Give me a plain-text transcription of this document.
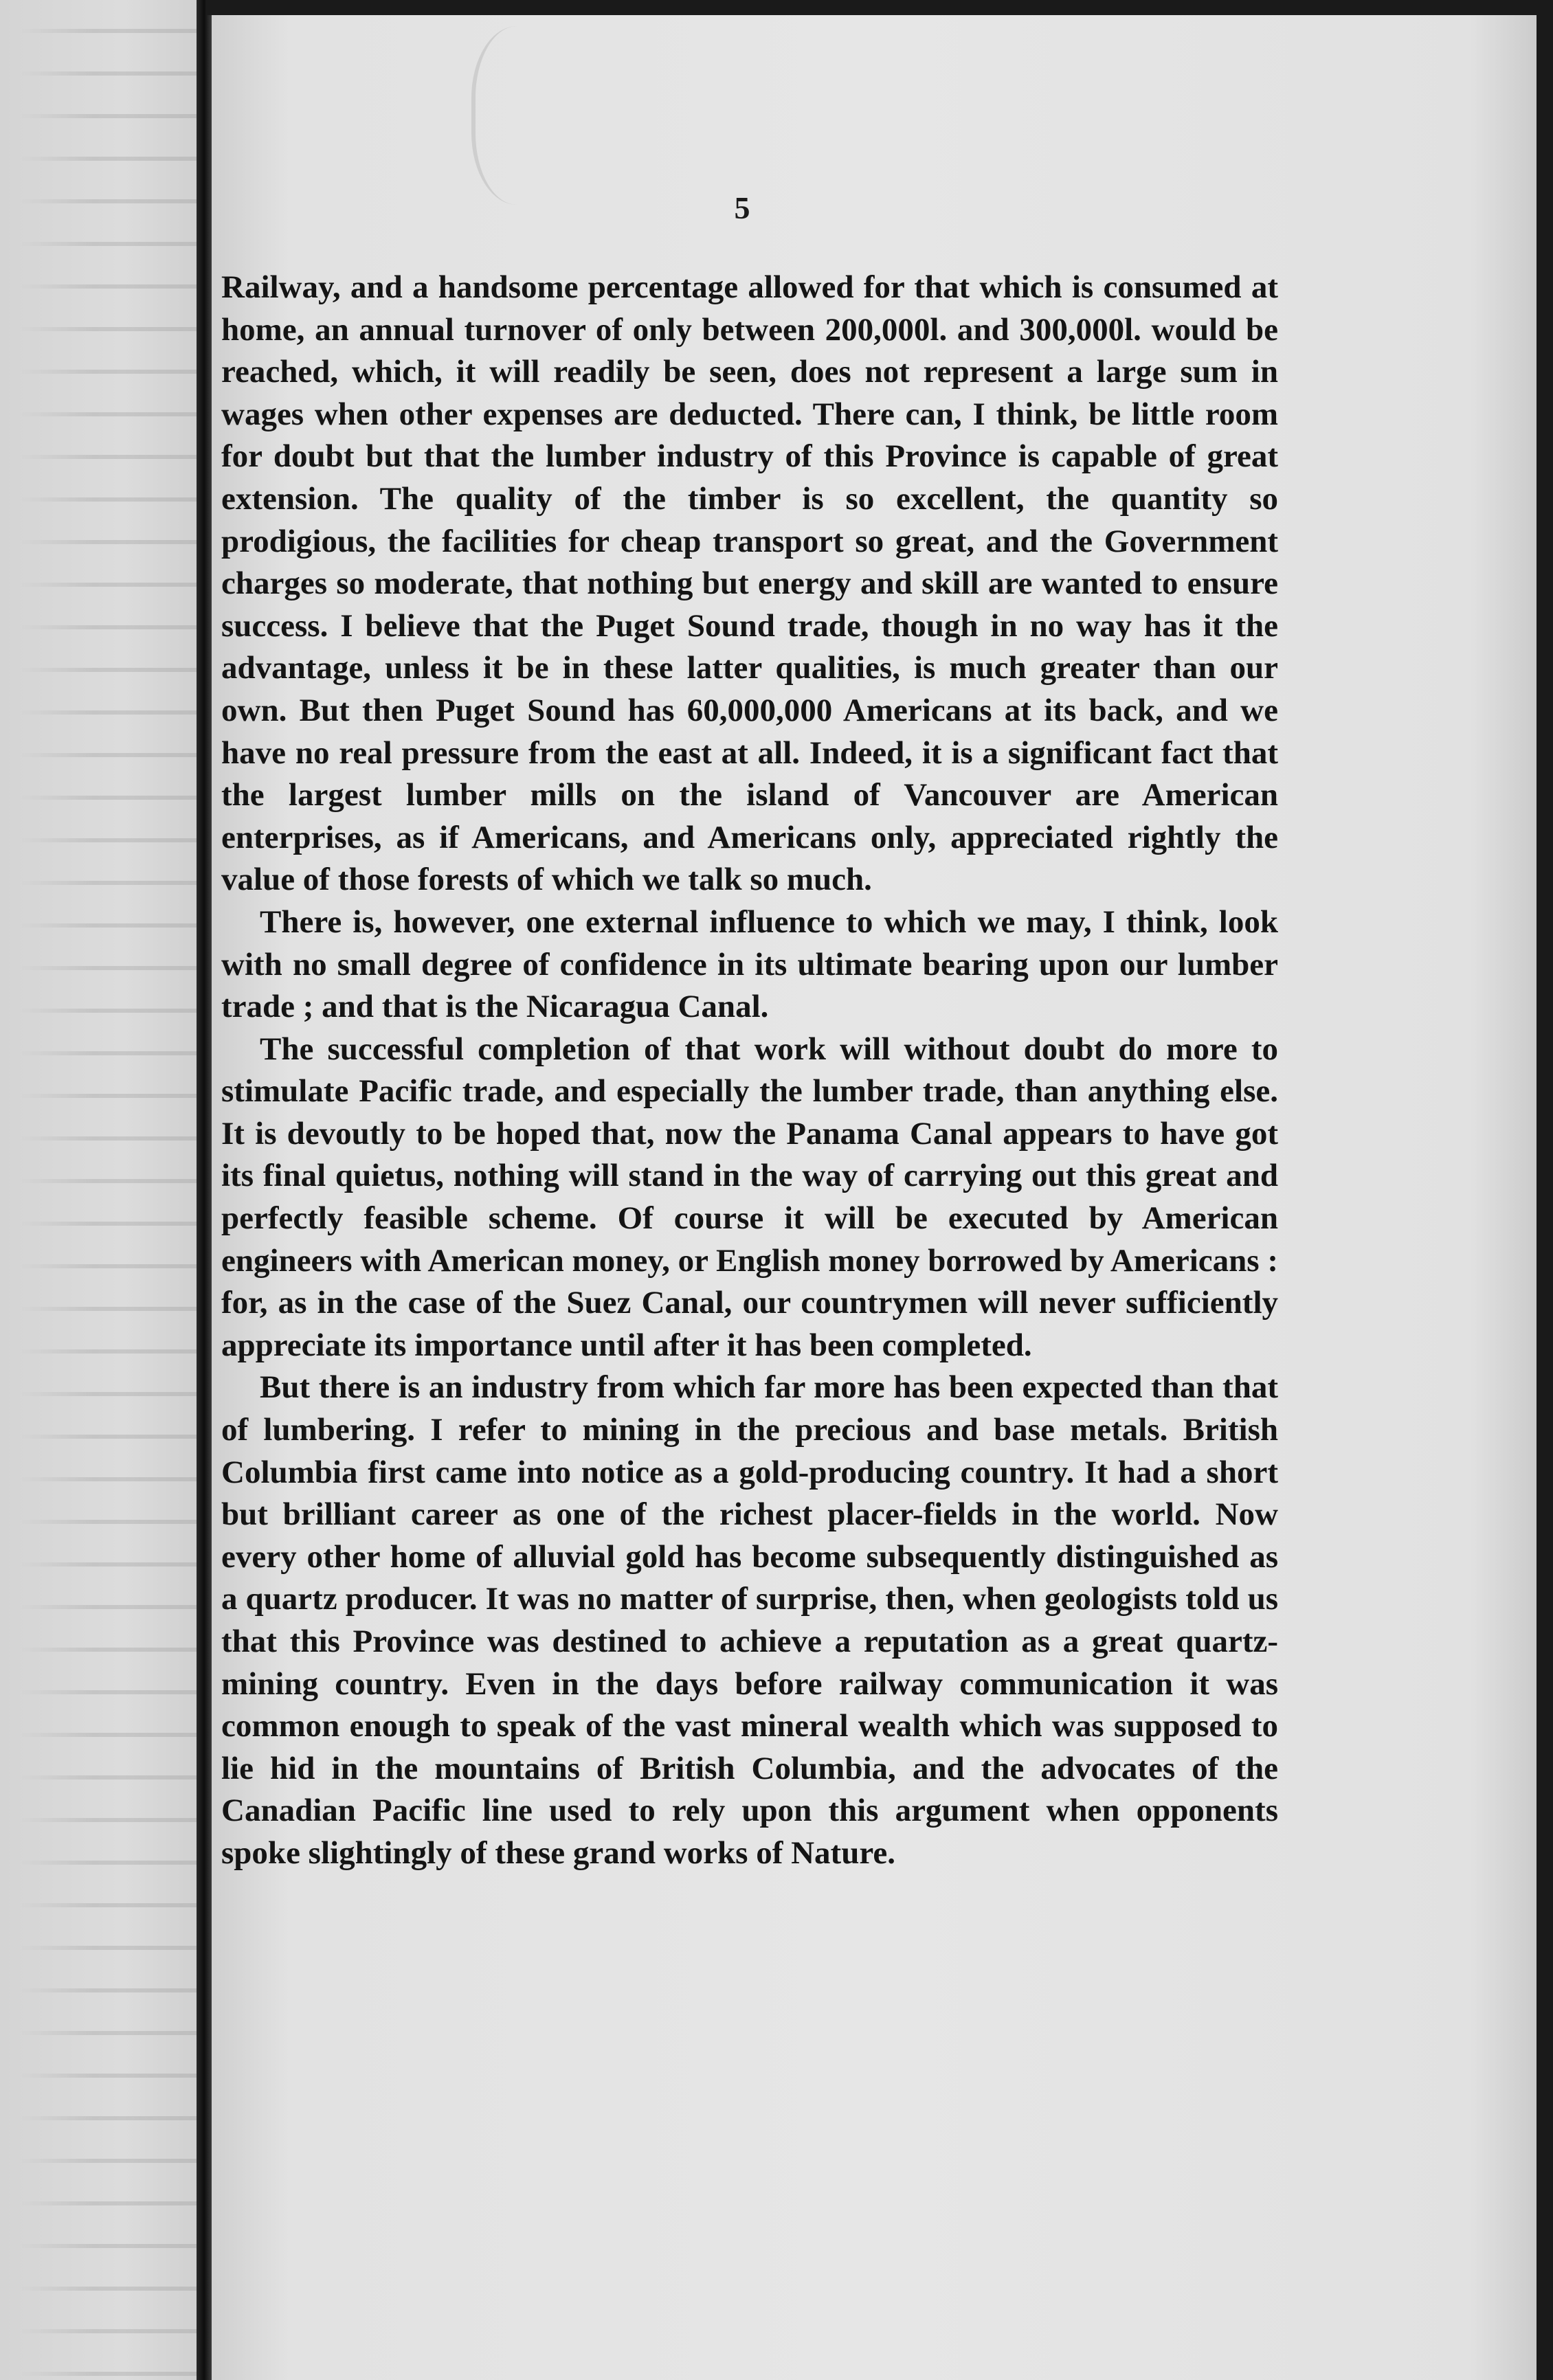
5

Railway, and a handsome percentage allowed for that which is consumed at home, an annual turnover of only between 200,000l. and 300,000l. would be reached, which, it will readily be seen, does not represent a large sum in wages when other expenses are deducted. There can, I think, be little room for doubt but that the lumber industry of this Province is capable of great extension. The quality of the timber is so excellent, the quantity so prodigious, the facilities for cheap transport so great, and the Government charges so moderate, that nothing but energy and skill are wanted to ensure success. I believe that the Puget Sound trade, though in no way has it the advantage, unless it be in these latter qualities, is much greater than our own. But then Puget Sound has 60,000,000 Americans at its back, and we have no real pressure from the east at all. Indeed, it is a significant fact that the largest lumber mills on the island of Vancouver are American enterprises, as if Americans, and Americans only, appreciated rightly the value of those forests of which we talk so much.

There is, however, one external influence to which we may, I think, look with no small degree of confidence in its ultimate bearing upon our lumber trade ; and that is the Nicaragua Canal.

The successful completion of that work will without doubt do more to stimulate Pacific trade, and especially the lumber trade, than anything else. It is devoutly to be hoped that, now the Panama Canal appears to have got its final quietus, nothing will stand in the way of carrying out this great and perfectly feasible scheme. Of course it will be executed by American engineers with American money, or English money borrowed by Americans : for, as in the case of the Suez Canal, our countrymen will never sufficiently appreciate its importance until after it has been completed.

But there is an industry from which far more has been expected than that of lumbering. I refer to mining in the precious and base metals. British Columbia first came into notice as a gold-producing country. It had a short but brilliant career as one of the richest placer-fields in the world. Now every other home of alluvial gold has become subsequently distinguished as a quartz producer. It was no matter of surprise, then, when geologists told us that this Province was destined to achieve a reputation as a great quartz-mining country. Even in the days before railway communication it was common enough to speak of the vast mineral wealth which was supposed to lie hid in the mountains of British Columbia, and the advocates of the Canadian Pacific line used to rely upon this argument when opponents spoke slightingly of these grand works of Nature.
